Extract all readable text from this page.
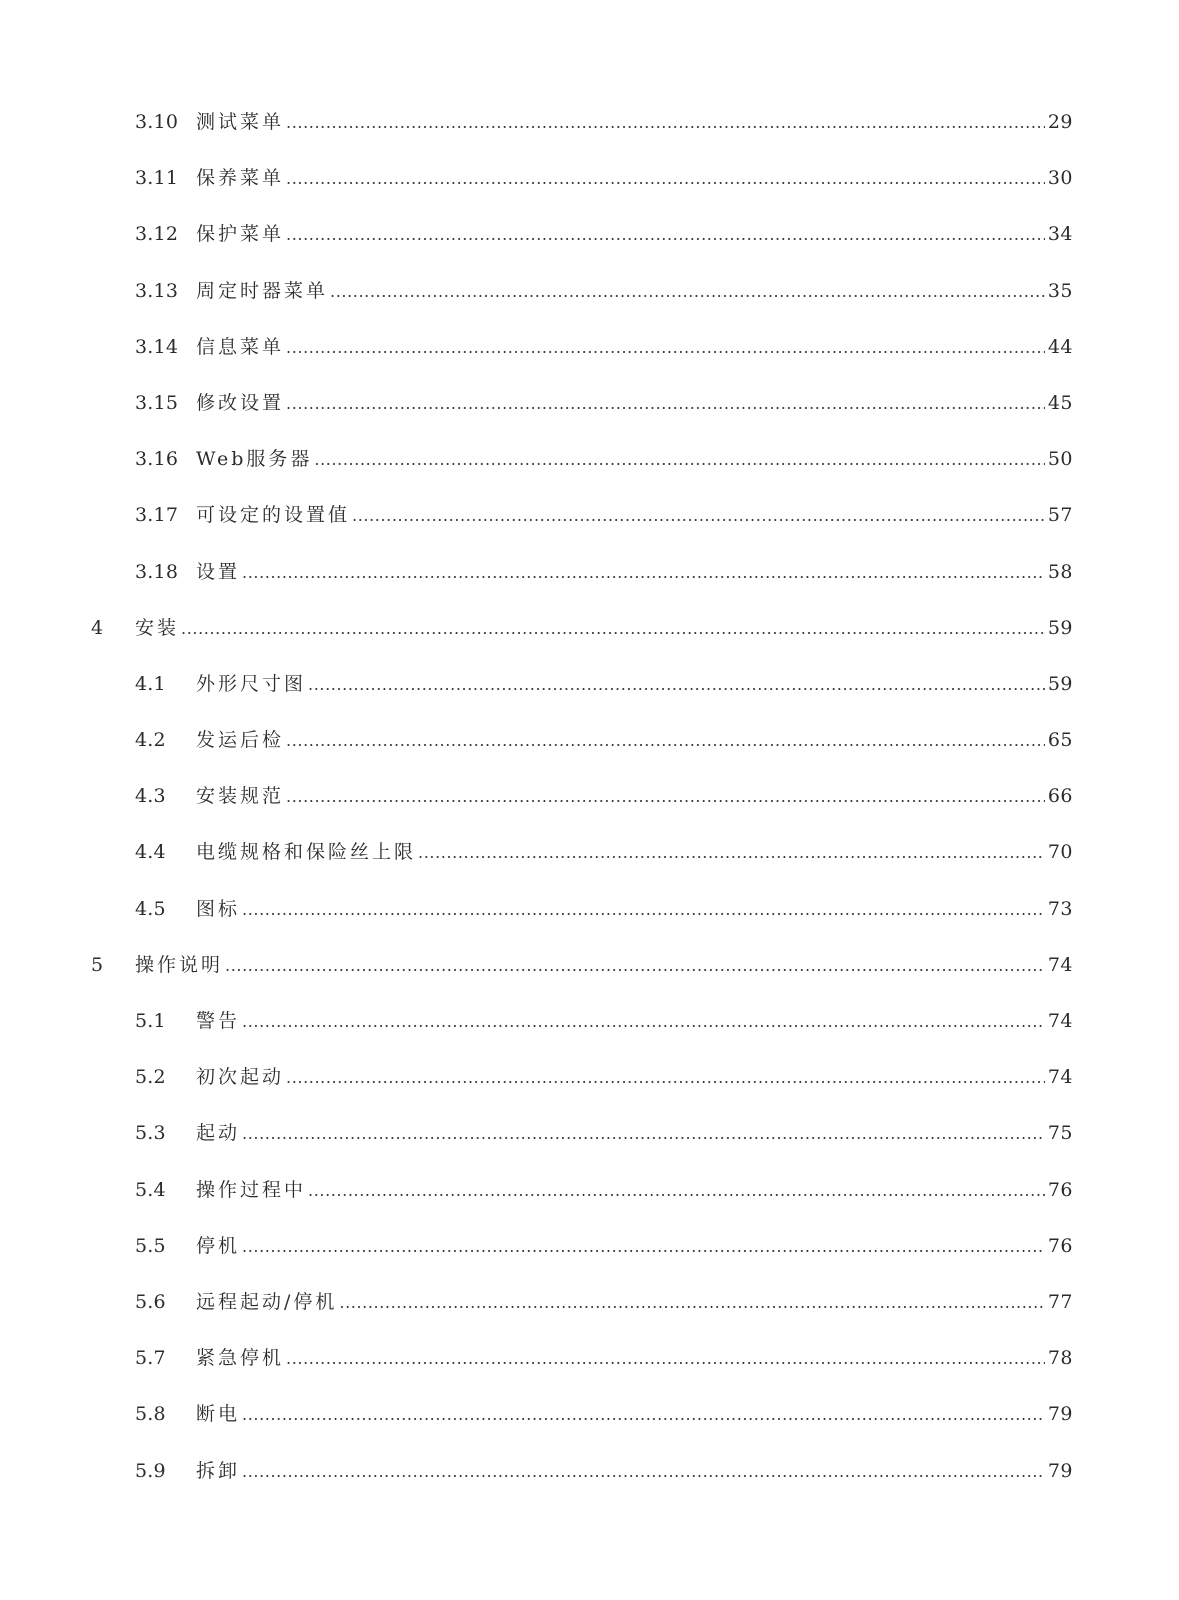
3.10 测试菜单 .....	29
3.11 保养菜单 .....	30
3.12 保护菜单 .....	34
3.13 周定时器菜单 .....	35
3.14 信息菜单 .....	44
3.15 修改设置 .....	45
3.16 Web服务器 .....	50
3.17 可设定的设置值 .....	57
3.18 设置 .....	58
4 安装 .....	59
4.1 外形尺寸图 .....	59
4.2 发运后检 .....	65
4.3 安装规范 .....	66
4.4 电缆规格和保险丝上限 .....	70
4.5 图标 .....	73
5 操作说明 .....	74
5.1 警告 .....	74
5.2 初次起动 .....	74
5.3 起动 .....	75
5.4 操作过程中 .....	76
5.5 停机 .....	76
5.6 远程起动/停机 .....	77
5.7 紧急停机 .....	78
5.8 断电 .....	79
5.9 拆卸 .....	79
